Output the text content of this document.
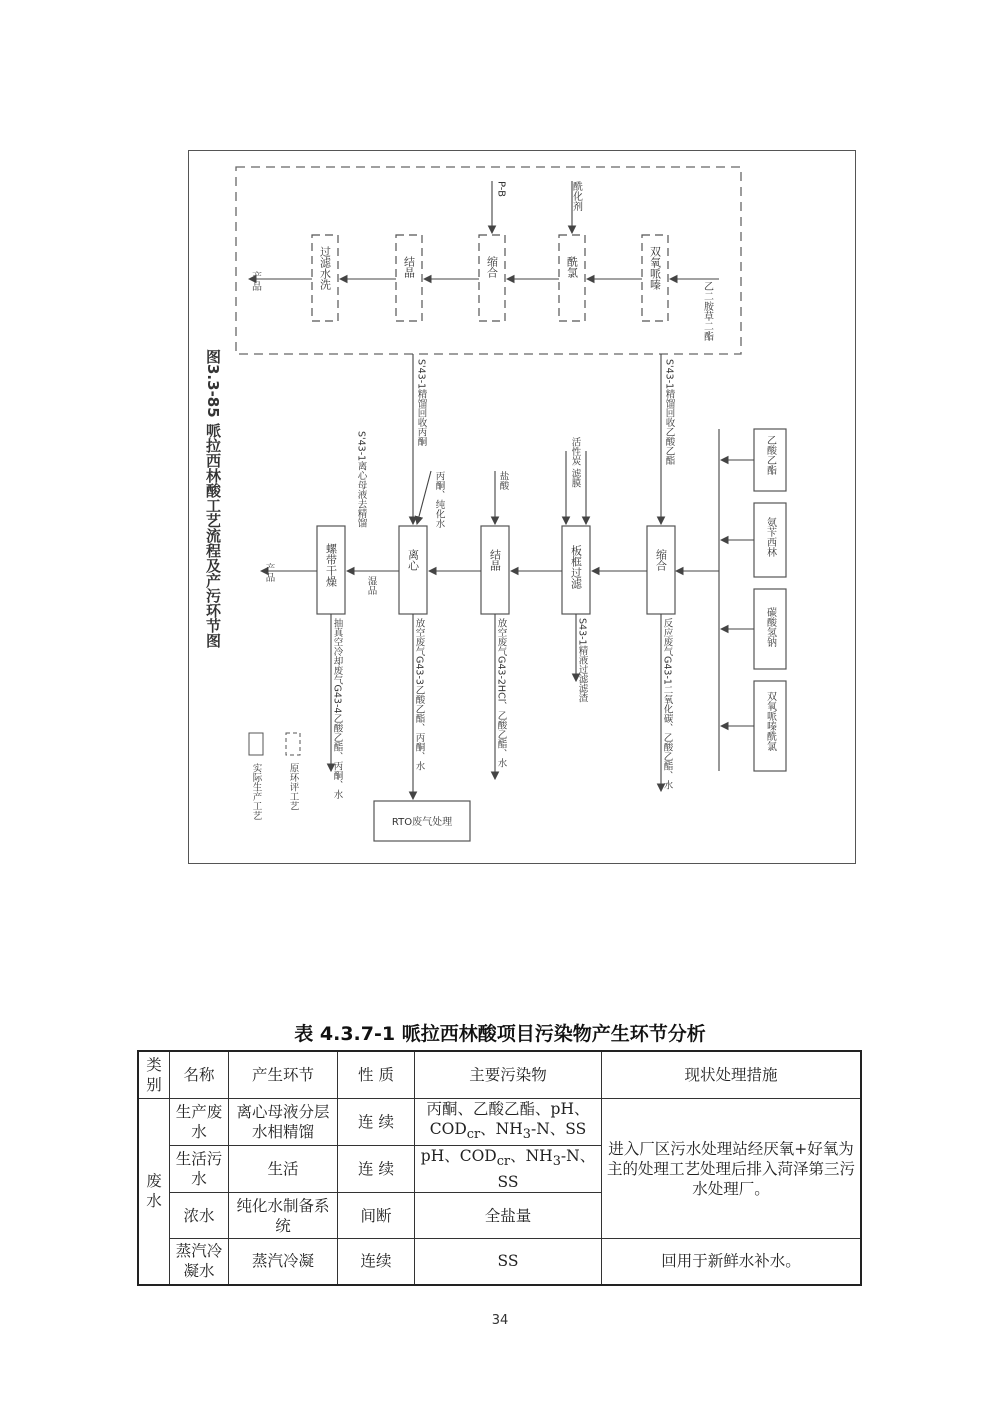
双氧哌嗪
酰氯
缩合
结晶
过滤水洗
乙二胺草二酯
P-B	酰化剂
产品
乙酸乙酯
氨苄西林
碳酸氢钠
双氧哌嗪酰氯
缩合
板框过滤
结晶
离心
螺带干燥
S'43-1精馏回收乙酸乙酯
S'43-1精馏回收丙酮
S'43-1离心母液去精馏	活性炭 滤膜
盐酸
丙酮、纯化水
湿品
产品
反应废气G43-1二氧化碳、乙酸乙酯、水
S43-1精液过滤滤渣
放空废气G43-2HCl、乙酸乙酯、水
放空废气G43-3乙酸乙酯、丙酮、水
抽真空冷却废气G43-4乙酸乙酯、丙酮、水
RTO废气处理
原环评工艺
实际生产工艺
图3.3-85 哌拉西林酸工艺流程及产污环节图
表 4.3.7-1 哌拉西林酸项目污染物产生环节分析
类别	名称	产生环节	性 质	主要污染物	现状处理措施
废水	生产废水	离心母液分层水相精馏	连 续	丙酮、乙酸乙酯、pH、$COD_{cr}$、$NH_3-N$、SS	进入厂区污水处理站经厌氧+好氧为主的处理工艺处理后排入菏泽第三污水处理厂。
	生活污水	生活	连 续	pH、$COD_{cr}$、$NH_3-N$、SS	
	浓水	纯化水制备系统	间断	全盐量	
	蒸汽冷凝水	蒸汽冷凝	连续	SS	回用于新鲜水补水。
34
